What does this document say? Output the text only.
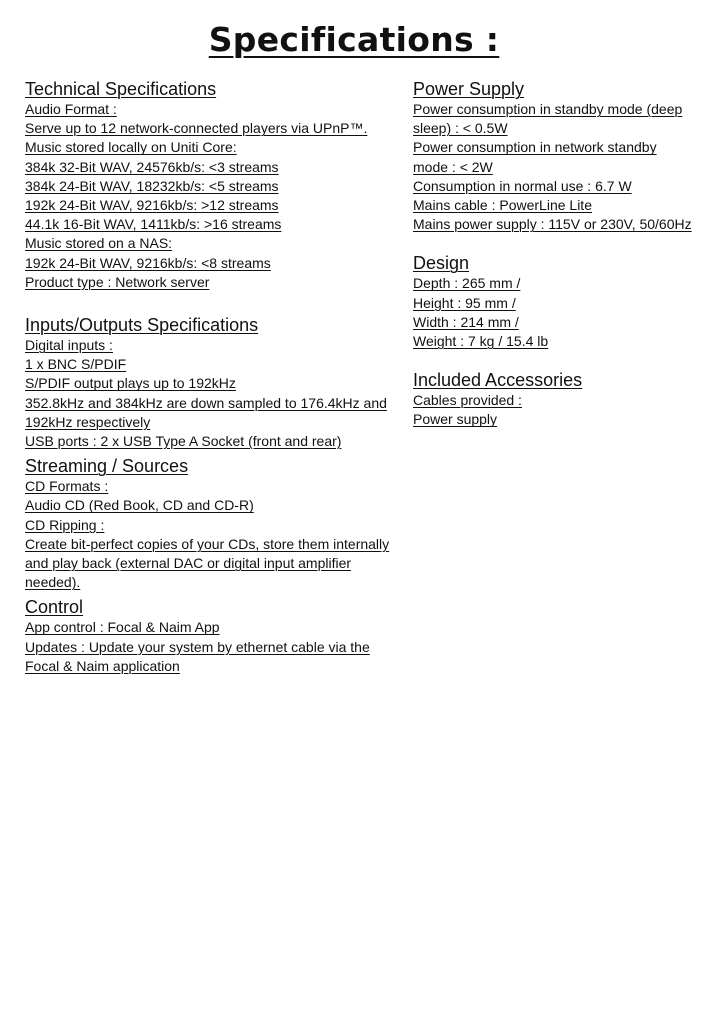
Specifications :
Technical Specifications
Audio Format :
Serve up to 12 network-connected players via UPnP™.
Music stored locally on Uniti Core:
384k 32-Bit WAV, 24576kb/s: <3 streams
384k 24-Bit WAV, 18232kb/s: <5 streams
192k 24-Bit WAV, 9216kb/s: >12 streams
44.1k 16-Bit WAV, 1411kb/s: >16 streams
Music stored on a NAS:
192k 24-Bit WAV, 9216kb/s: <8 streams
Product type : Network server
Inputs/Outputs Specifications
Digital inputs :
1 x BNC S/PDIF
S/PDIF output plays up to 192kHz
352.8kHz and 384kHz are down sampled to 176.4kHz and
192kHz respectively
USB ports : 2 x USB Type A Socket (front and rear)
Streaming / Sources
CD Formats :
Audio CD (Red Book, CD and CD-R)
CD Ripping :
Create bit-perfect copies of your CDs, store them internally
and play back (external DAC or digital input amplifier
needed).
Control
App control : Focal & Naim App
Updates : Update your system by ethernet cable via the
Focal & Naim application
Power Supply
Power consumption in standby mode (deep
sleep) : < 0.5W
Power consumption in network standby
mode : < 2W
Consumption in normal use : 6.7 W
Mains cable : PowerLine Lite
Mains power supply : 115V or 230V, 50/60Hz
Design
Depth : 265 mm /
Height : 95 mm /
Width : 214 mm /
Weight : 7 kg / 15.4 lb
Included Accessories
Cables provided :
Power supply
